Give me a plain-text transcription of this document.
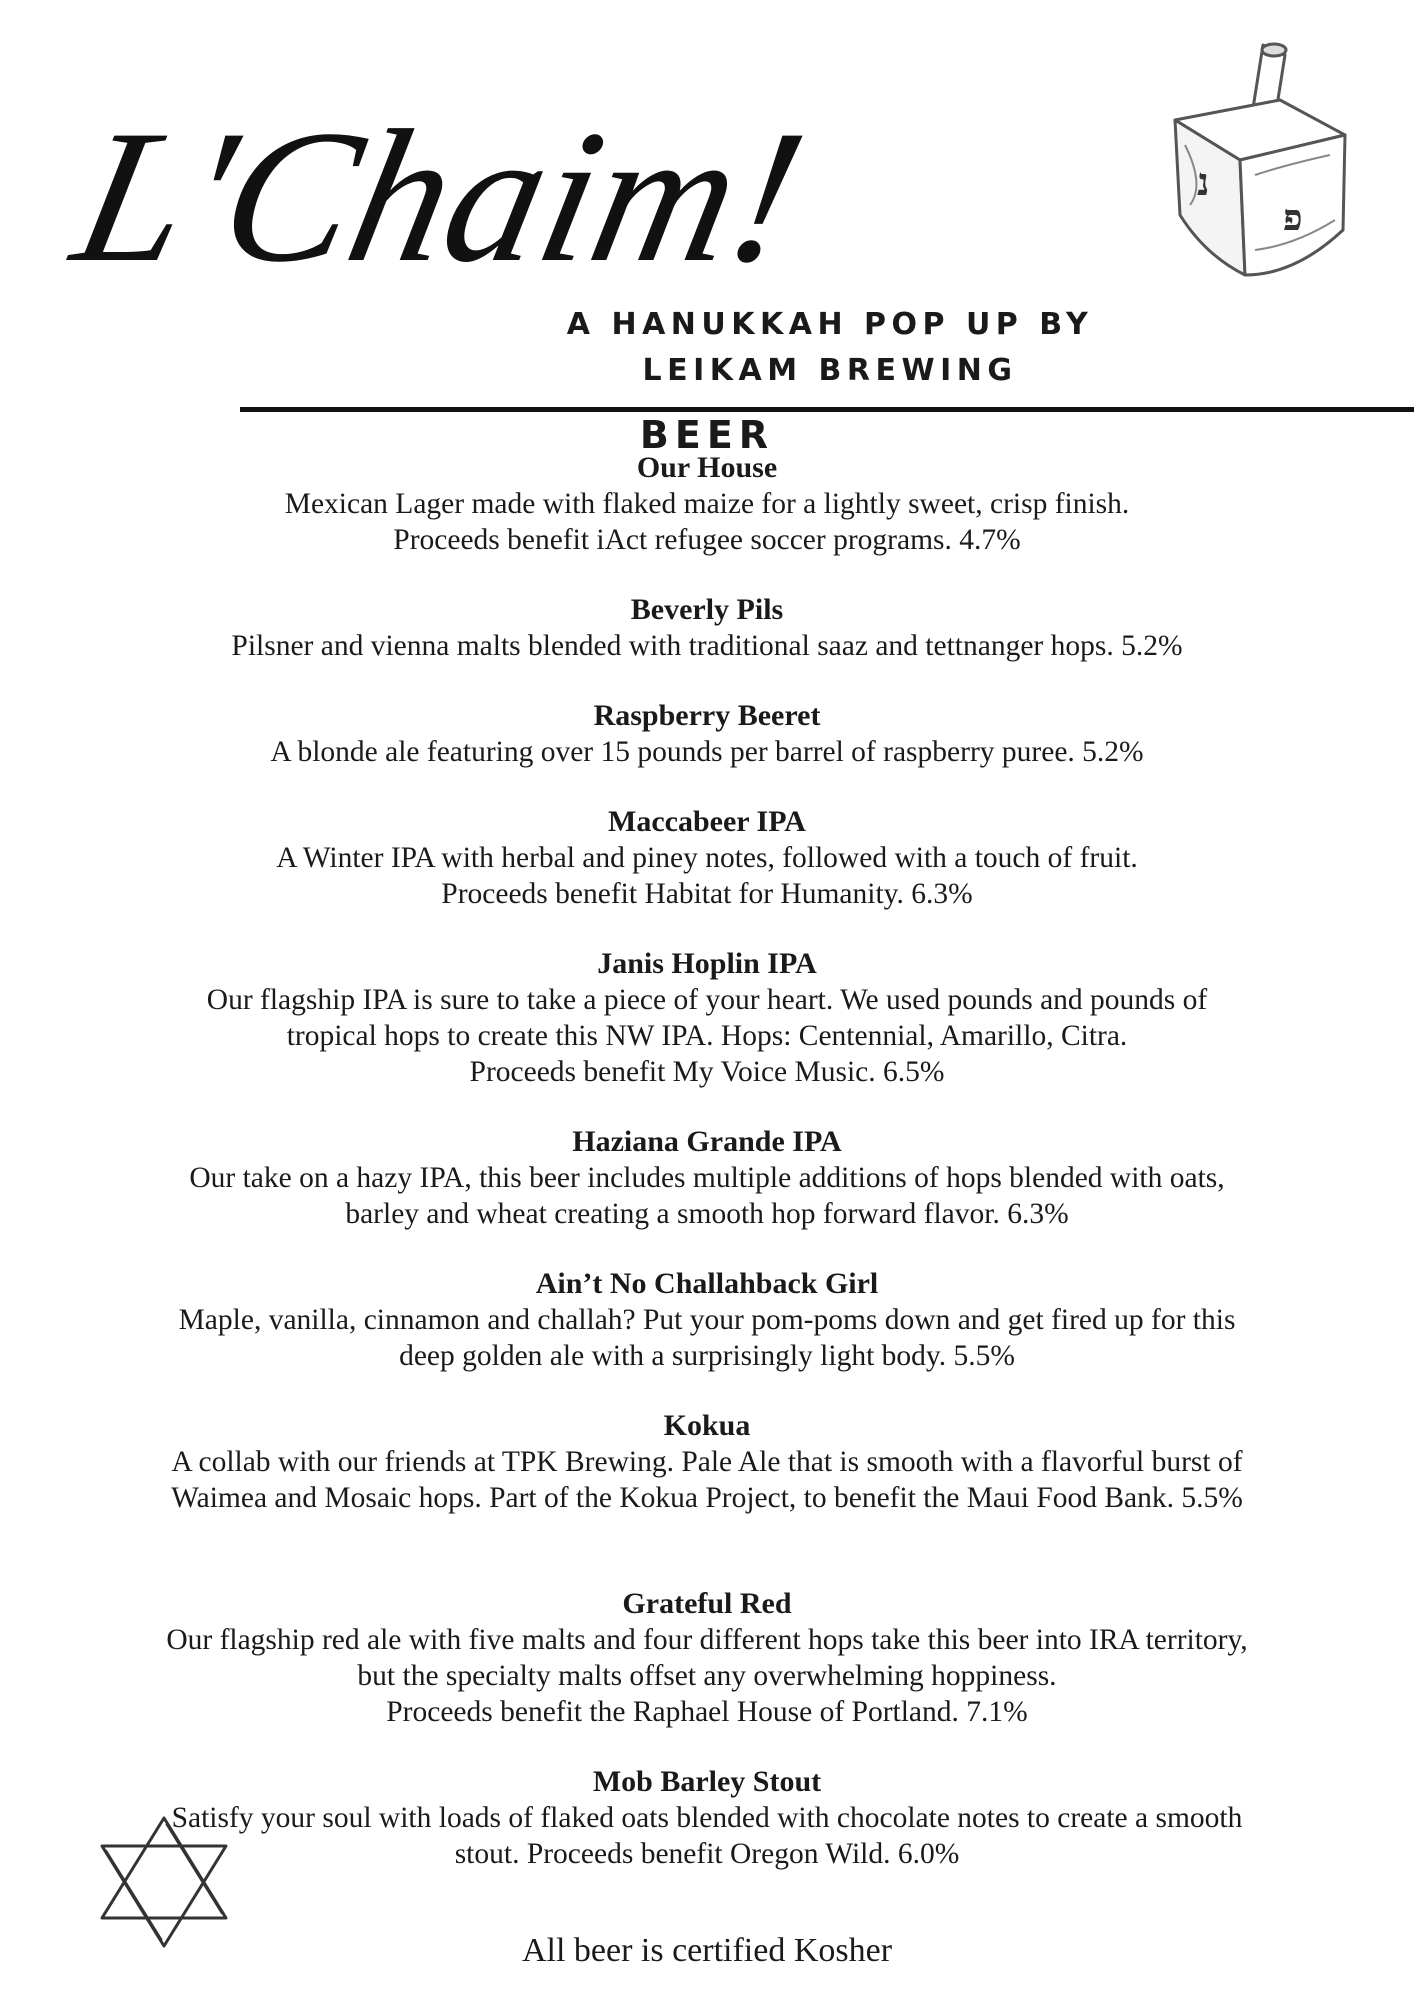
L'Chaim!	נ
פ
A HANUKKAH POP UP BY
LEIKAM BREWING
BEER
Our House
Mexican Lager made with flaked maize for a lightly sweet, crisp finish.
Proceeds benefit iAct refugee soccer programs. 4.7%
Beverly Pils
Pilsner and vienna malts blended with traditional saaz and tettnanger hops. 5.2%
Raspberry Beeret
A blonde ale featuring over 15 pounds per barrel of raspberry puree. 5.2%
Maccabeer IPA
A Winter IPA with herbal and piney notes, followed with a touch of fruit.
Proceeds benefit Habitat for Humanity. 6.3%
Janis Hoplin IPA
Our flagship IPA is sure to take a piece of your heart. We used pounds and pounds of
tropical hops to create this NW IPA. Hops: Centennial, Amarillo, Citra.
Proceeds benefit My Voice Music. 6.5%
Haziana Grande IPA
Our take on a hazy IPA, this beer includes multiple additions of hops blended with oats,
barley and wheat creating a smooth hop forward flavor. 6.3%
Ain’t No Challahback Girl
Maple, vanilla, cinnamon and challah? Put your pom-poms down and get fired up for this
deep golden ale with a surprisingly light body. 5.5%
Kokua
A collab with our friends at TPK Brewing. Pale Ale that is smooth with a flavorful burst of
Waimea and Mosaic hops. Part of the Kokua Project, to benefit the Maui Food Bank. 5.5%
Grateful Red
Our flagship red ale with five malts and four different hops take this beer into IRA territory,
but the specialty malts offset any overwhelming hoppiness.
Proceeds benefit the Raphael House of Portland. 7.1%
Mob Barley Stout
Satisfy your soul with loads of flaked oats blended with chocolate notes to create a smooth
stout. Proceeds benefit Oregon Wild. 6.0%
All beer is certified Kosher
